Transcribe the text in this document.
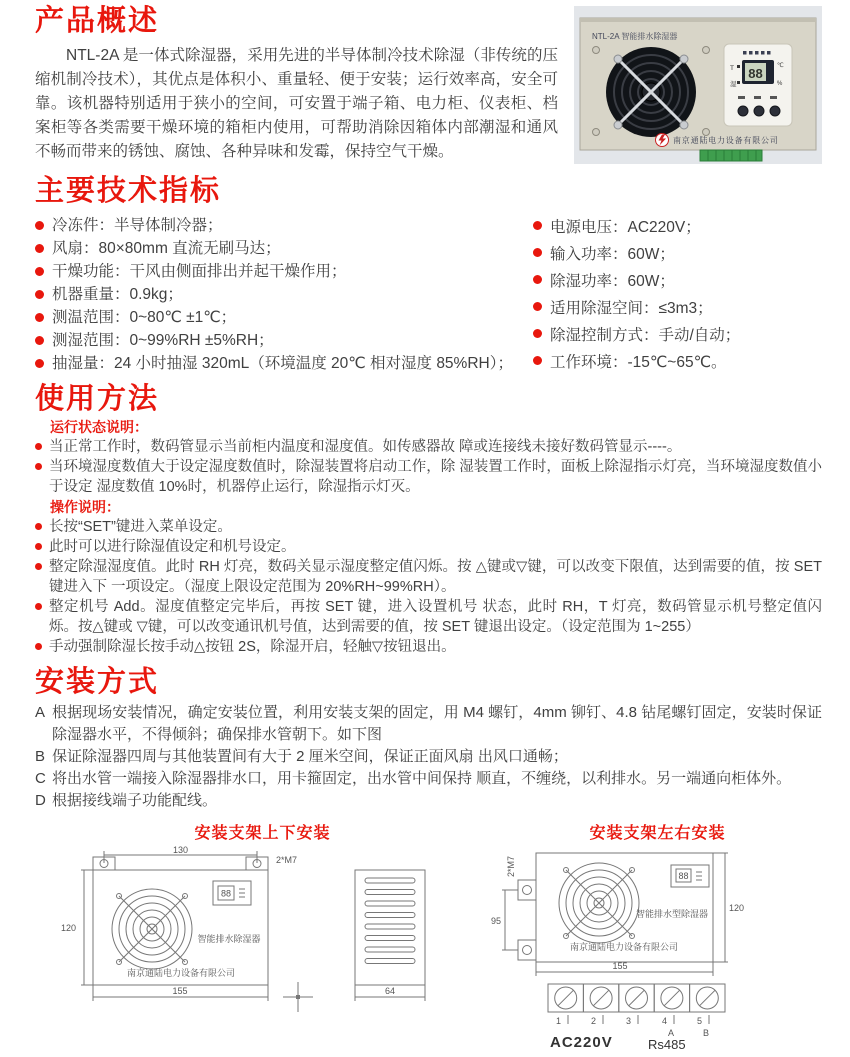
NTL-2A 智能排水除湿器
T 88 ℃
湿	%
南京通陆电力设备有限公司
产品概述

NTL-2A 是一体式除湿器，采用先进的半导体制冷技术除湿（非传统的压缩机制冷技术），其优点是体积小、重量轻、便于安装；运行效率高，安全可靠。该机器特别适用于狭小的空间，可安置于端子箱、电力柜、仪表柜、档案柜等各类需要干燥环境的箱柜内使用，可帮助消除因箱体内部潮湿和通风不畅而带来的锈蚀、腐蚀、各种异味和发霉，保持空气干燥。

主要技术指标
冷冻件：半导体制冷器；
风扇：80×80mm 直流无刷马达；
干燥功能：干风由侧面排出并起干燥作用；
机器重量：0.9kg；
测温范围：0~80℃ ±1℃；
测湿范围：0~99%RH ±5%RH；
抽湿量：24 小时抽湿 320mL（环境温度 20℃ 相对湿度 85%RH）；
电源电压：AC220V；
输入功率：60W；
除湿功率：60W；
适用除湿空间：≤3m3；
除湿控制方式：手动/自动；
工作环境：-15℃~65℃。
使用方法
运行状态说明：
当正常工作时，数码管显示当前柜内温度和湿度值。如传感器故 障或连接线未接好数码管显示----。
当环境湿度数值大于设定湿度数值时，除湿装置将启动工作，除 湿装置工作时，面板上除湿指示灯亮，当环境湿度数值小于设定 湿度数值 10%时，机器停止运行，除湿指示灯灭。
操作说明：
长按“SET”键进入菜单设定。
此时可以进行除湿值设定和机号设定。
整定除湿湿度值。此时 RH 灯亮，数码关显示湿度整定值闪烁。按 △键或▽键，可以改变下限值，达到需要的值，按 SET 键进入下 一项设定。（湿度上限设定范围为 20%RH~99%RH）。
整定机号 Add。湿度值整定完毕后，再按 SET 键，进入设置机号 状态，此时 RH，T 灯亮，数码管显示机号整定值闪烁。按△键或 ▽键，可以改变通讯机号值，达到需要的值，按 SET 键退出设定。（设定范围为 1~255）
手动强制除湿长按手动△按钮 2S，除湿开启，轻触▽按钮退出。
安装方式
A 根据现场安装情况，确定安装位置，利用安装支架的固定，用 M4 螺钉，4mm 铆钉、4.8 钻尾螺钉固定，安装时保证除湿器水平，不得倾斜；确保排水管朝下。如下图
B 保证除湿器四周与其他装置间有大于 2 厘米空间，保证正面风扇 出风口通畅；
C 将出水管一端接入除湿器排水口，用卡箍固定，出水管中间保持 顺直，不缠绕，以利排水。另一端通向柜体外。
D 根据接线端子功能配线。
安装支架上下安装
130
2*M7
120
88
智能排水除湿器
南京通陆电力设备有限公司
155	64
安装支架左右安装
2*M7
95
120
88
智能排水型除湿器
南京通陆电力设备有限公司
155
1	2	3	4	5
A	B
AC220V	Rs485
